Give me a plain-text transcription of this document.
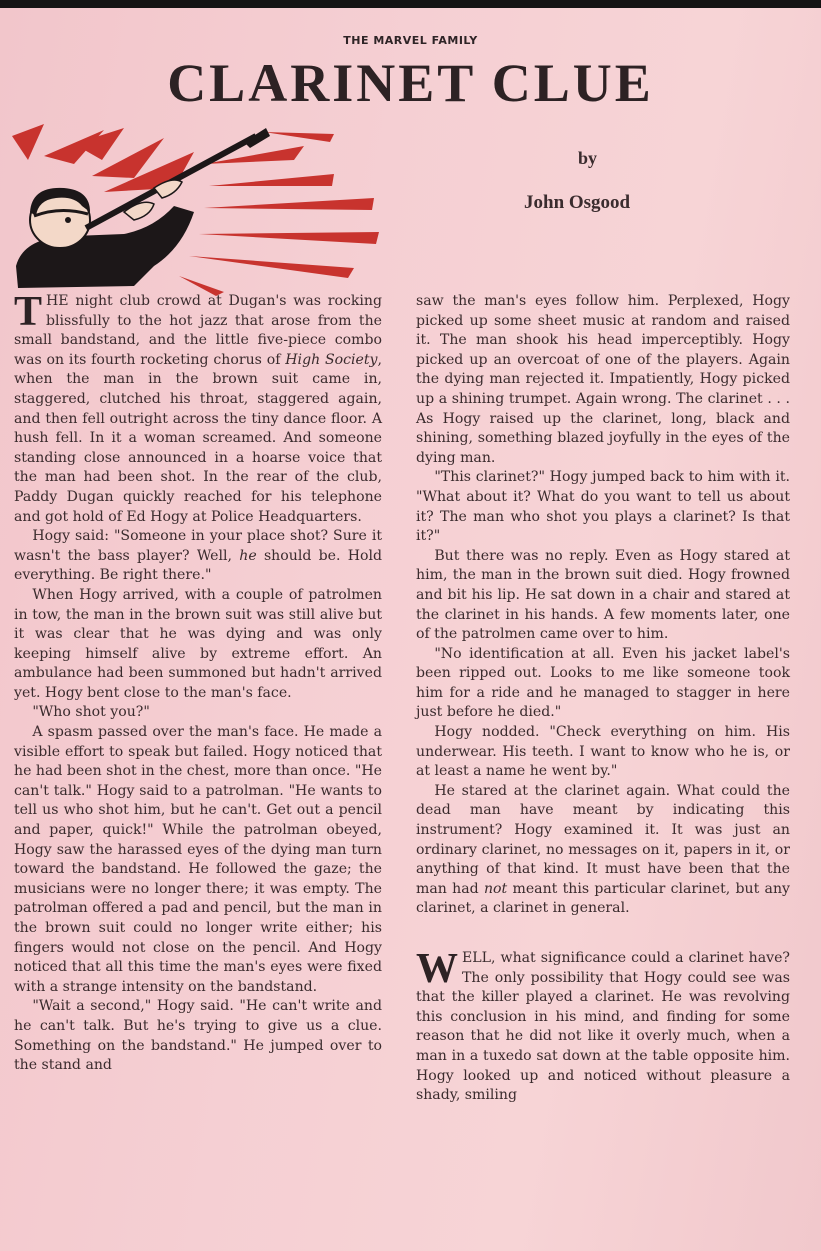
THE MARVEL FAMILY
CLARINET CLUE
by
John Osgood

THE night club crowd at Dugan's was rocking blissfully to the hot jazz that arose from the small bandstand, and the little five-piece combo was on its fourth rocketing chorus of High Society, when the man in the brown suit came in, staggered, clutched his throat, staggered again, and then fell outright across the tiny dance floor. A hush fell. In it a woman screamed. And someone standing close announced in a hoarse voice that the man had been shot. In the rear of the club, Paddy Dugan quickly reached for his telephone and got hold of Ed Hogy at Police Headquarters.

Hogy said: "Someone in your place shot? Sure it wasn't the bass player? Well, he should be. Hold everything. Be right there."

When Hogy arrived, with a couple of patrolmen in tow, the man in the brown suit was still alive but it was clear that he was dying and was only keeping himself alive by extreme effort. An ambulance had been summoned but hadn't arrived yet. Hogy bent close to the man's face.

"Who shot you?"

A spasm passed over the man's face. He made a visible effort to speak but failed. Hogy noticed that he had been shot in the chest, more than once. "He can't talk." Hogy said to a patrolman. "He wants to tell us who shot him, but he can't. Get out a pencil and paper, quick!" While the patrolman obeyed, Hogy saw the harassed eyes of the dying man turn toward the bandstand. He followed the gaze; the musicians were no longer there; it was empty. The patrolman offered a pad and pencil, but the man in the brown suit could no longer write either; his fingers would not close on the pencil. And Hogy noticed that all this time the man's eyes were fixed with a strange intensity on the bandstand.

"Wait a second," Hogy said. "He can't write and he can't talk. But he's trying to give us a clue. Something on the bandstand." He jumped over to the stand and

saw the man's eyes follow him. Perplexed, Hogy picked up some sheet music at random and raised it. The man shook his head imperceptibly. Hogy picked up an overcoat of one of the players. Again the dying man rejected it. Impatiently, Hogy picked up a shining trumpet. Again wrong. The clarinet . . . As Hogy raised up the clarinet, long, black and shining, something blazed joyfully in the eyes of the dying man.

"This clarinet?" Hogy jumped back to him with it. "What about it? What do you want to tell us about it? The man who shot you plays a clarinet? Is that it?"

But there was no reply. Even as Hogy stared at him, the man in the brown suit died. Hogy frowned and bit his lip. He sat down in a chair and stared at the clarinet in his hands. A few moments later, one of the patrolmen came over to him.

"No identification at all. Even his jacket label's been ripped out. Looks to me like someone took him for a ride and he managed to stagger in here just before he died."

Hogy nodded. "Check everything on him. His underwear. His teeth. I want to know who he is, or at least a name he went by."

He stared at the clarinet again. What could the dead man have meant by indicating this instrument? Hogy examined it. It was just an ordinary clarinet, no messages on it, papers in it, or anything of that kind. It must have been that the man had not meant this particular clarinet, but any clarinet, a clarinet in general.

WELL, what significance could a clarinet have? The only possibility that Hogy could see was that the killer played a clarinet. He was revolving this conclusion in his mind, and finding for some reason that he did not like it overly much, when a man in a tuxedo sat down at the table opposite him. Hogy looked up and noticed without pleasure a shady, smiling
